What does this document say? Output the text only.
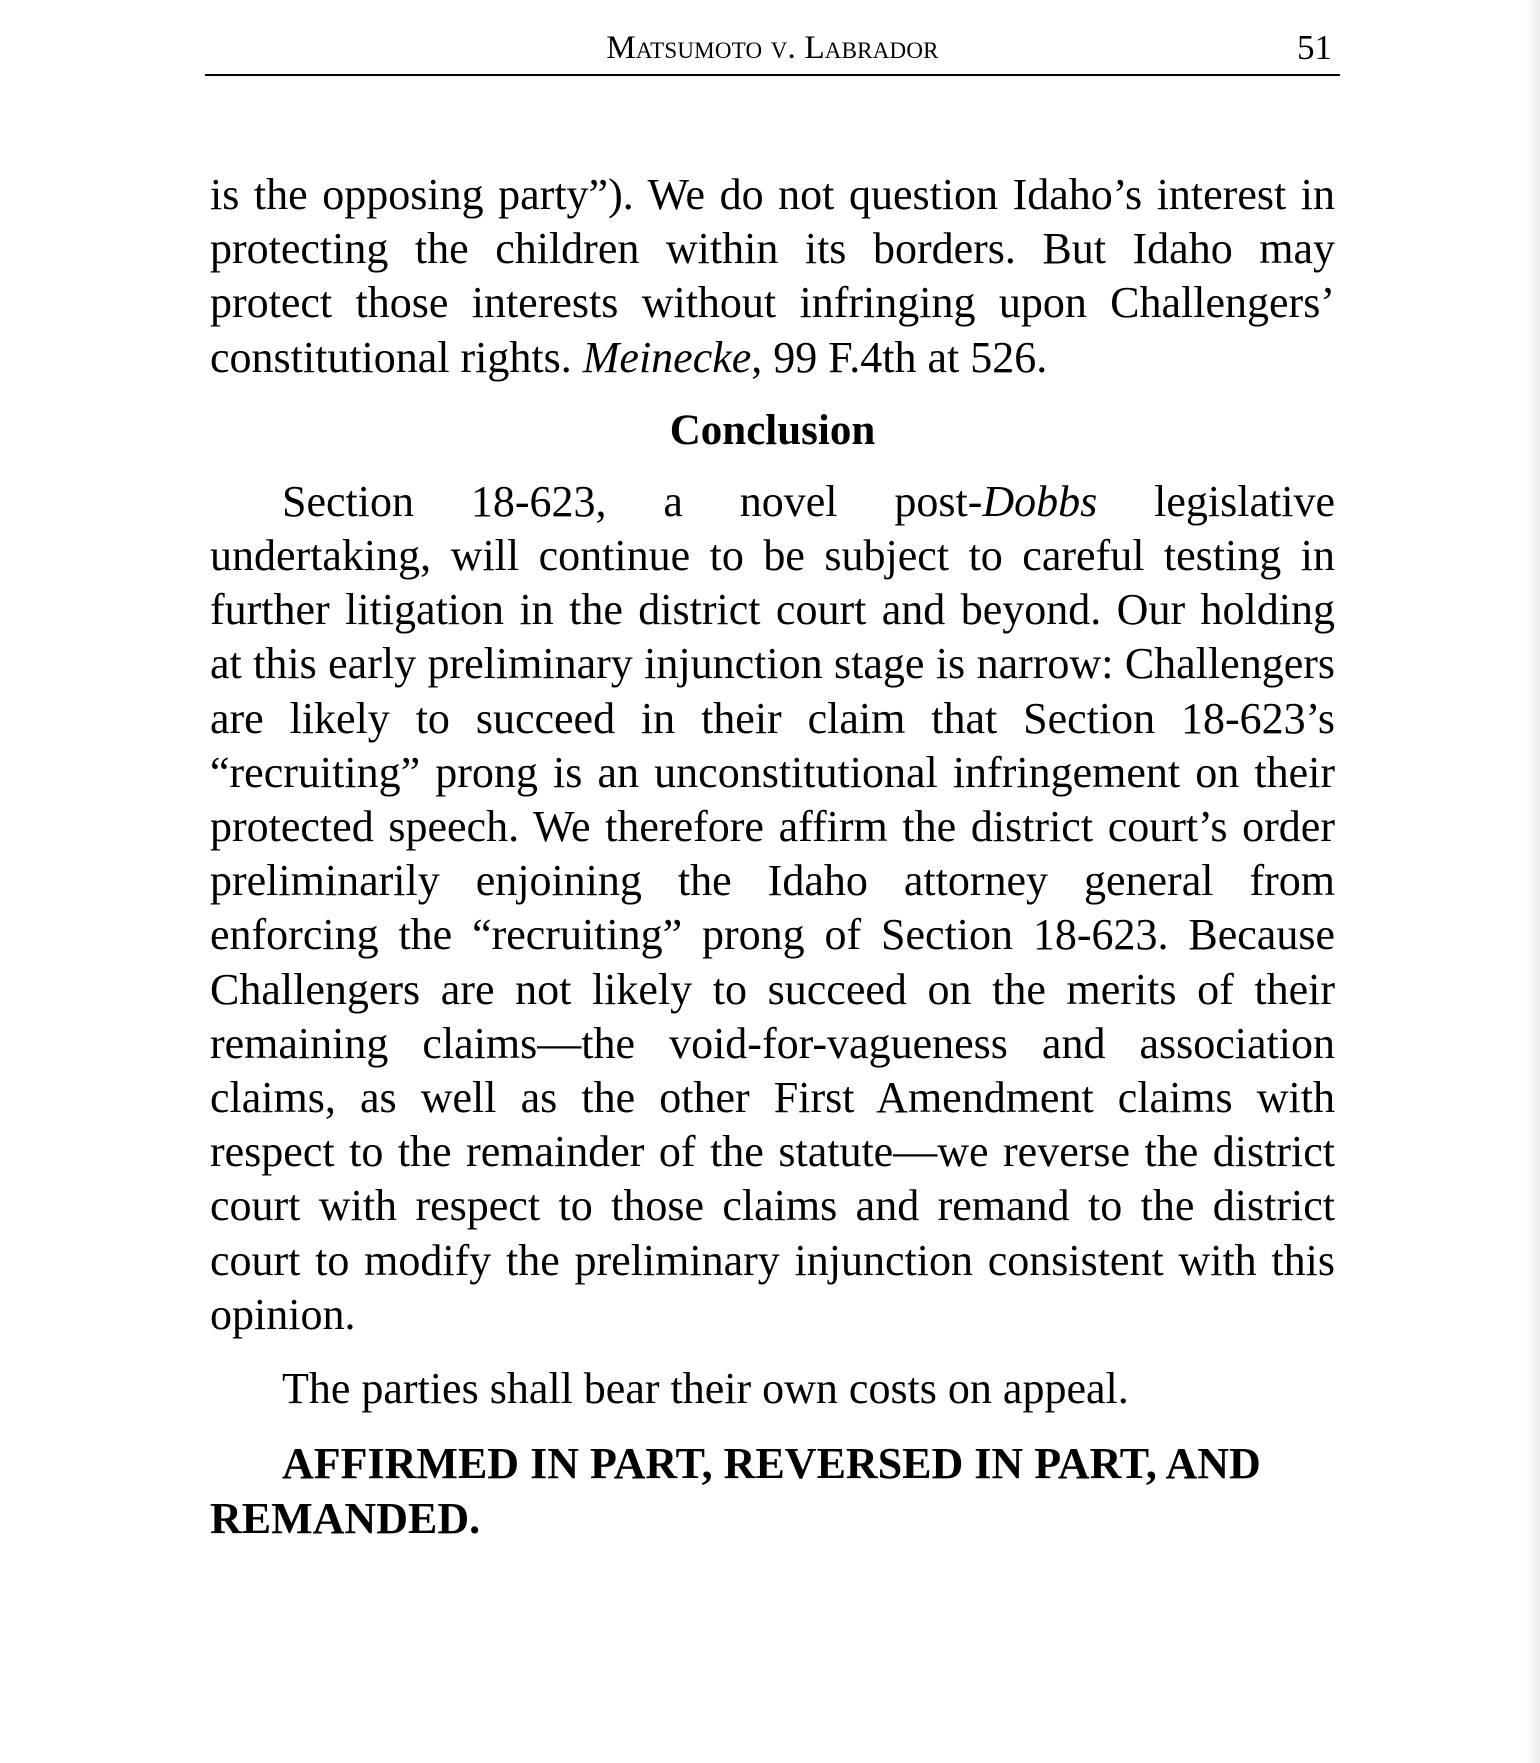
Matsumoto v. Labrador	51

is the opposing party”). We do not question Idaho’s interest in protecting the children within its borders. But Idaho may protect those interests without infringing upon Challengers’ constitutional rights. Meinecke, 99 F.4th at 526.

Conclusion

Section 18-623, a novel post-Dobbs legislative undertaking, will continue to be subject to careful testing in further litigation in the district court and beyond. Our holding at this early preliminary injunction stage is narrow: Challengers are likely to succeed in their claim that Section 18-623’s “recruiting” prong is an unconstitutional infringement on their protected speech. We therefore affirm the district court’s order preliminarily enjoining the Idaho attorney general from enforcing the “recruiting” prong of Section 18-623. Because Challengers are not likely to succeed on the merits of their remaining claims—the void-for-vagueness and association claims, as well as the other First Amendment claims with respect to the remainder of the statute—we reverse the district court with respect to those claims and remand to the district court to modify the preliminary injunction consistent with this opinion.

The parties shall bear their own costs on appeal.

AFFIRMED IN PART, REVERSED IN PART, AND REMANDED.
